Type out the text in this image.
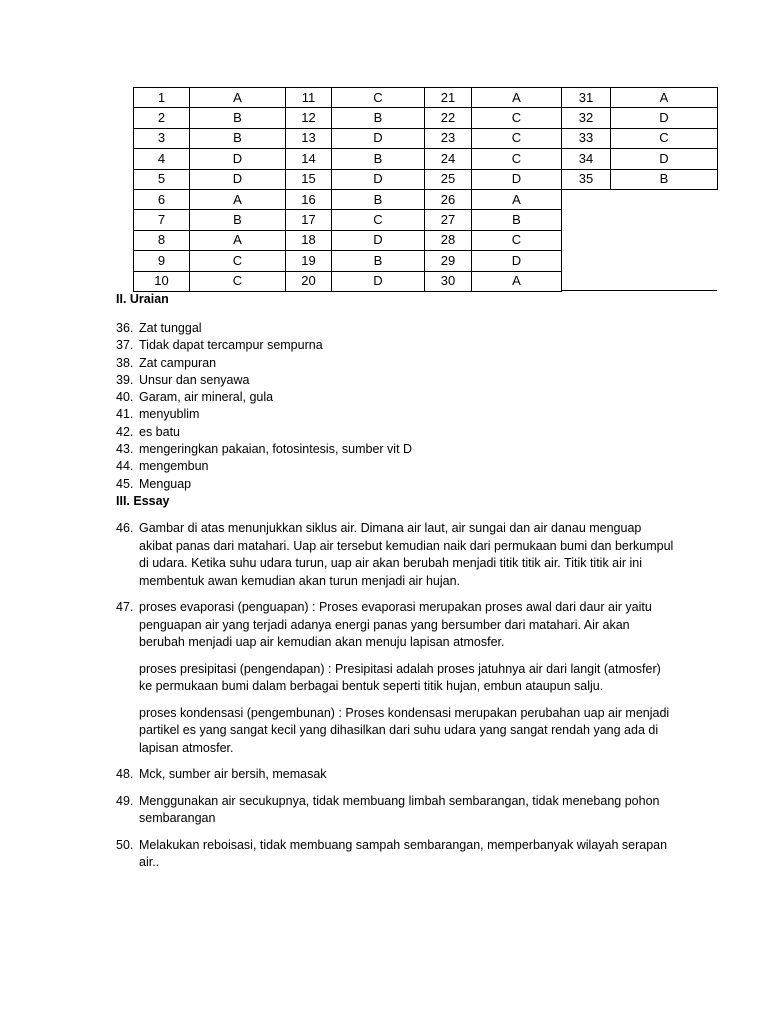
1	A	11	C	21	A	31	A
2	B	12	B	22	C	32	D
3	B	13	D	23	C	33	C
4	D	14	B	24	C	34	D
5	D	15	D	25	D	35	B
6	A	16	B	26	A		
7	B	17	C	27	B		
8	A	18	D	28	C		
9	C	19	B	29	D		
10	C	20	D	30	A		
II. Uraian
36. Zat tunggal
37. Tidak dapat tercampur sempurna
38. Zat campuran
39. Unsur dan senyawa
40. Garam, air mineral, gula
41. menyublim
42. es batu
43. mengeringkan pakaian, fotosintesis, sumber vit D
44. mengembun
45. Menguap
III. Essay
46. Gambar di atas menunjukkan siklus air. Dimana air laut, air sungai dan air danau menguap akibat panas dari matahari. Uap air tersebut kemudian naik dari permukaan bumi dan berkumpul di udara. Ketika suhu udara turun, uap air akan berubah menjadi titik titik air. Titik titik air ini membentuk awan kemudian akan turun menjadi air hujan.

47. proses evaporasi (penguapan) : Proses evaporasi merupakan proses awal dari daur air yaitu penguapan air yang terjadi adanya energi panas yang bersumber dari matahari. Air akan berubah menjadi uap air kemudian akan menuju lapisan atmosfer.

proses presipitasi (pengendapan) : Presipitasi adalah proses jatuhnya air dari langit (atmosfer) ke permukaan bumi dalam berbagai bentuk seperti titik hujan, embun ataupun salju.

proses kondensasi (pengembunan) : Proses kondensasi merupakan perubahan uap air menjadi partikel es yang sangat kecil yang dihasilkan dari suhu udara yang sangat rendah yang ada di lapisan atmosfer.

48. Mck, sumber air bersih, memasak

49. Menggunakan air secukupnya, tidak membuang limbah sembarangan, tidak menebang pohon sembarangan

50. Melakukan reboisasi, tidak membuang sampah sembarangan, memperbanyak wilayah serapan air..
